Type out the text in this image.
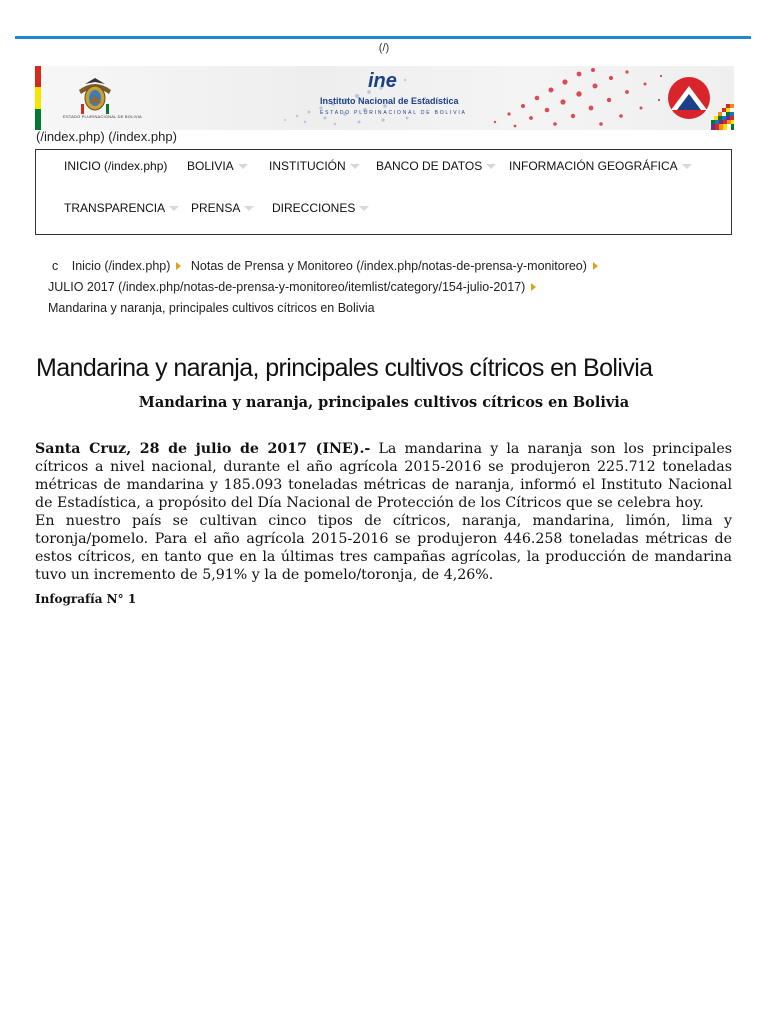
(/)
ESTADO PLURINACIONAL DE BOLIVIA
ine
Instituto Nacional de Estadística
ESTADO PLURINACIONAL DE BOLIVIA
(/index.php) (/index.php)
INICIO (/index.php) BOLIVIA	INSTITUCIÓN	BANCO DE DATOS	INFORMACIÓN GEOGRÁFICA
TRANSPARENCIA	PRENSA	DIRECCIONES
c Inicio (/index.php) Notas de Prensa y Monitoreo (/index.php/notas-de-prensa-y-monitoreo)
JULIO 2017 (/index.php/notas-de-prensa-y-monitoreo/itemlist/category/154-julio-2017)
Mandarina y naranja, principales cultivos cítricos en Bolivia
Mandarina y naranja, principales cultivos cítricos en Bolivia
Mandarina y naranja, principales cultivos cítricos en Bolivia

Santa Cruz, 28 de julio de 2017 (INE).- La mandarina y la naranja son los principales cítricos a nivel nacional, durante el año agrícola 2015-2016 se produjeron 225.712 toneladas métricas de mandarina y 185.093 toneladas métricas de naranja, informó el Instituto Nacional de Estadística, a propósito del Día Nacional de Protección de los Cítricos que se celebra hoy.

En nuestro país se cultivan cinco tipos de cítricos, naranja, mandarina, limón, lima y toronja/pomelo. Para el año agrícola 2015-2016 se produjeron 446.258 toneladas métricas de estos cítricos, en tanto que en la últimas tres campañas agrícolas, la producción de mandarina tuvo un incremento de 5,91% y la de pomelo/toronja, de 4,26%.

Infografía N° 1
